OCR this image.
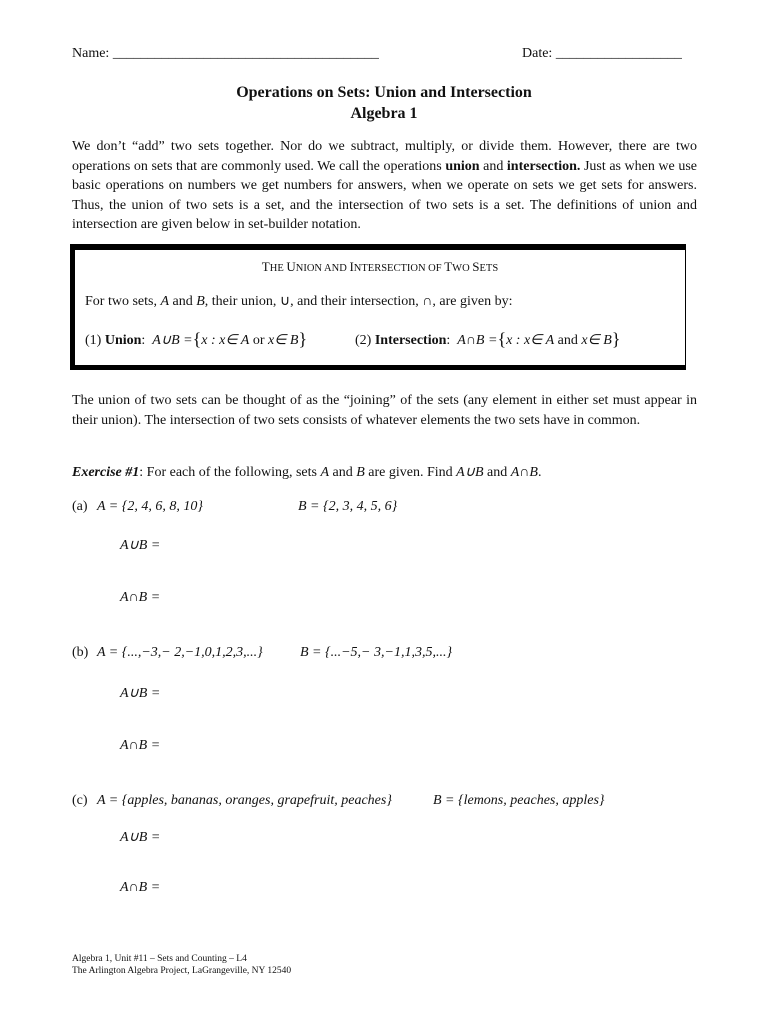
Name: ______________________________________	Date: __________________
Operations on Sets: Union and Intersection
Algebra 1
We don’t “add” two sets together. Nor do we subtract, multiply, or divide them. However, there are two operations on sets that are commonly used. We call the operations union and intersection. Just as when we use basic operations on numbers we get numbers for answers, when we operate on sets we get sets for answers. Thus, the union of two sets is a set, and the intersection of two sets is a set. The definitions of union and intersection are given below in set-builder notation.
THE UNION AND INTERSECTION OF TWO SETS
For two sets, A and B, their union, ∪, and their intersection, ∩, are given by:
(1) Union: A∪B ={x : x∈ A or x∈ B}	(2) Intersection: A∩B ={x : x∈ A and x∈ B}
The union of two sets can be thought of as the “joining” of the sets (any element in either set must appear in their union). The intersection of two sets consists of whatever elements the two sets have in common.
Exercise #1: For each of the following, sets A and B are given. Find A∪B and A∩B.
(a) A = {2, 4, 6, 8, 10}	B = {2, 3, 4, 5, 6}
A∪B =
A∩B =
(b) A = {...,−3,− 2,−1,0,1,2,3,...}	B = {...−5,− 3,−1,1,3,5,...}
A∪B =
A∩B =
(c) A = {apples, bananas, oranges, grapefruit, peaches}	B = {lemons, peaches, apples}
A∪B =
A∩B =
Algebra 1, Unit #11 – Sets and Counting – L4
The Arlington Algebra Project, LaGrangeville, NY 12540
